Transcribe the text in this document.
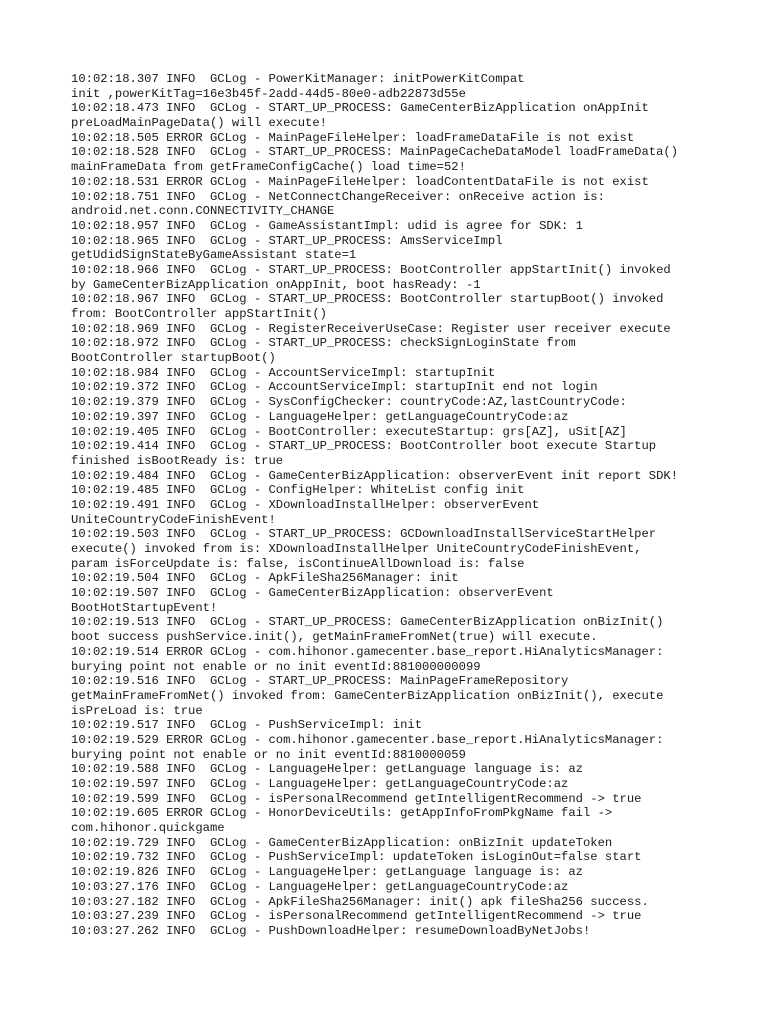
10:02:18.307 INFO  GCLog - PowerKitManager: initPowerKitCompat
init ,powerKitTag=16e3b45f-2add-44d5-80e0-adb22873d55e
10:02:18.473 INFO  GCLog - START_UP_PROCESS: GameCenterBizApplication onAppInit
preLoadMainPageData() will execute!
10:02:18.505 ERROR GCLog - MainPageFileHelper: loadFrameDataFile is not exist
10:02:18.528 INFO  GCLog - START_UP_PROCESS: MainPageCacheDataModel loadFrameData()
mainFrameData from getFrameConfigCache() load time=52!
10:02:18.531 ERROR GCLog - MainPageFileHelper: loadContentDataFile is not exist
10:02:18.751 INFO  GCLog - NetConnectChangeReceiver: onReceive action is:
android.net.conn.CONNECTIVITY_CHANGE
10:02:18.957 INFO  GCLog - GameAssistantImpl: udid is agree for SDK: 1
10:02:18.965 INFO  GCLog - START_UP_PROCESS: AmsServiceImpl
getUdidSignStateByGameAssistant state=1
10:02:18.966 INFO  GCLog - START_UP_PROCESS: BootController appStartInit() invoked
by GameCenterBizApplication onAppInit, boot hasReady: -1
10:02:18.967 INFO  GCLog - START_UP_PROCESS: BootController startupBoot() invoked
from: BootController appStartInit()
10:02:18.969 INFO  GCLog - RegisterReceiverUseCase: Register user receiver execute
10:02:18.972 INFO  GCLog - START_UP_PROCESS: checkSignLoginState from
BootController startupBoot()
10:02:18.984 INFO  GCLog - AccountServiceImpl: startupInit
10:02:19.372 INFO  GCLog - AccountServiceImpl: startupInit end not login
10:02:19.379 INFO  GCLog - SysConfigChecker: countryCode:AZ,lastCountryCode:
10:02:19.397 INFO  GCLog - LanguageHelper: getLanguageCountryCode:az
10:02:19.405 INFO  GCLog - BootController: executeStartup: grs[AZ], uSit[AZ]
10:02:19.414 INFO  GCLog - START_UP_PROCESS: BootController boot execute Startup
finished isBootReady is: true
10:02:19.484 INFO  GCLog - GameCenterBizApplication: observerEvent init report SDK!
10:02:19.485 INFO  GCLog - ConfigHelper: WhiteList config init
10:02:19.491 INFO  GCLog - XDownloadInstallHelper: observerEvent
UniteCountryCodeFinishEvent!
10:02:19.503 INFO  GCLog - START_UP_PROCESS: GCDownloadInstallServiceStartHelper
execute() invoked from is: XDownloadInstallHelper UniteCountryCodeFinishEvent,
param isForceUpdate is: false, isContinueAllDownload is: false
10:02:19.504 INFO  GCLog - ApkFileSha256Manager: init
10:02:19.507 INFO  GCLog - GameCenterBizApplication: observerEvent
BootHotStartupEvent!
10:02:19.513 INFO  GCLog - START_UP_PROCESS: GameCenterBizApplication onBizInit()
boot success pushService.init(), getMainFrameFromNet(true) will execute.
10:02:19.514 ERROR GCLog - com.hihonor.gamecenter.base_report.HiAnalyticsManager:
burying point not enable or no init eventId:881000000099
10:02:19.516 INFO  GCLog - START_UP_PROCESS: MainPageFrameRepository
getMainFrameFromNet() invoked from: GameCenterBizApplication onBizInit(), execute
isPreLoad is: true
10:02:19.517 INFO  GCLog - PushServiceImpl: init
10:02:19.529 ERROR GCLog - com.hihonor.gamecenter.base_report.HiAnalyticsManager:
burying point not enable or no init eventId:8810000059
10:02:19.588 INFO  GCLog - LanguageHelper: getLanguage language is: az
10:02:19.597 INFO  GCLog - LanguageHelper: getLanguageCountryCode:az
10:02:19.599 INFO  GCLog - isPersonalRecommend getIntelligentRecommend -> true
10:02:19.605 ERROR GCLog - HonorDeviceUtils: getAppInfoFromPkgName fail ->
com.hihonor.quickgame
10:02:19.729 INFO  GCLog - GameCenterBizApplication: onBizInit updateToken
10:02:19.732 INFO  GCLog - PushServiceImpl: updateToken isLoginOut=false start
10:02:19.826 INFO  GCLog - LanguageHelper: getLanguage language is: az
10:03:27.176 INFO  GCLog - LanguageHelper: getLanguageCountryCode:az
10:03:27.182 INFO  GCLog - ApkFileSha256Manager: init() apk fileSha256 success.
10:03:27.239 INFO  GCLog - isPersonalRecommend getIntelligentRecommend -> true
10:03:27.262 INFO  GCLog - PushDownloadHelper: resumeDownloadByNetJobs!
